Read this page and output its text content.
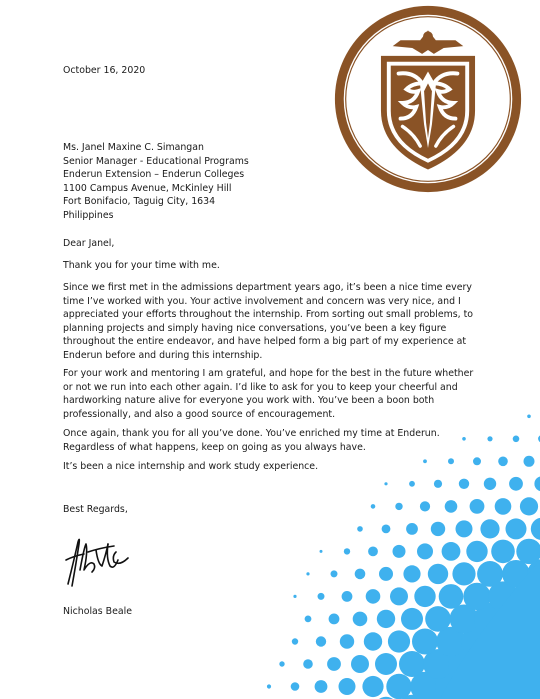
October 16, 2020
Ms. Janel Maxine C. Simangan
Senior Manager - Educational Programs
Enderun Extension – Enderun Colleges
1100 Campus Avenue, McKinley Hill
Fort Bonifacio, Taguig City, 1634
Philippines
Dear Janel,
Thank you for your time with me.
Since we first met in the admissions department years ago, it’s been a nice time every time I’ve worked with you. Your active involvement and concern was very nice, and I appreciated your efforts throughout the internship. From sorting out small problems, to planning projects and simply having nice conversations, you’ve been a key figure throughout the entire endeavor, and have helped form a big part of my experience at Enderun before and during this internship.
For your work and mentoring I am grateful, and hope for the best in the future whether or not we run into each other again. I’d like to ask for you to keep your cheerful and hardworking nature alive for everyone you work with. You’ve been a boon both professionally, and also a good source of encouragement.
Once again, thank you for all you’ve done. You’ve enriched my time at Enderun. Regardless of what happens, keep on going as you always have.
It’s been a nice internship and work study experience.
Best Regards,
Nicholas Beale
